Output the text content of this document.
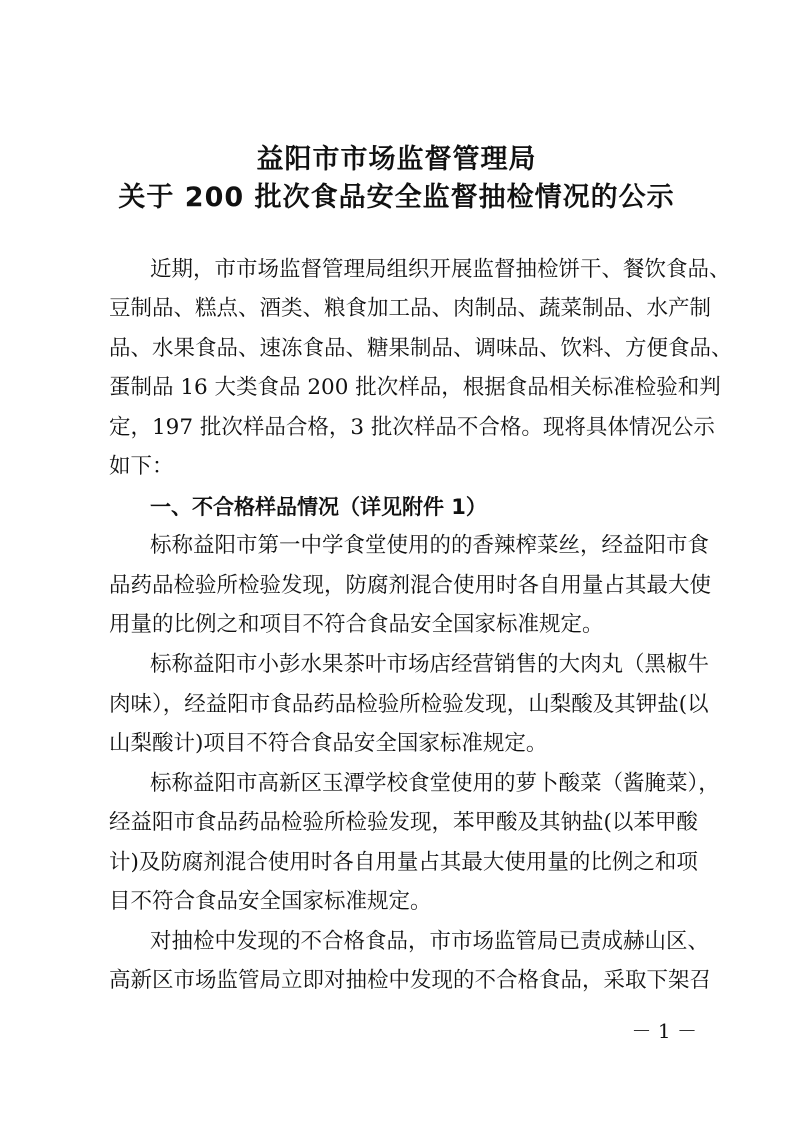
益阳市市场监督管理局
关于 200 批次食品安全监督抽检情况的公示
近期，市市场监督管理局组织开展监督抽检饼干、餐饮食品、
豆制品、糕点、酒类、粮食加工品、肉制品、蔬菜制品、水产制
品、水果食品、速冻食品、糖果制品、调味品、饮料、方便食品、
蛋制品 16 大类食品 200 批次样品，根据食品相关标准检验和判
定，197 批次样品合格，3 批次样品不合格。现将具体情况公示
如下：
一、不合格样品情况（详见附件 1）
标称益阳市第一中学食堂使用的的香辣榨菜丝，经益阳市食
品药品检验所检验发现，防腐剂混合使用时各自用量占其最大使
用量的比例之和项目不符合食品安全国家标准规定。
标称益阳市小彭水果茶叶市场店经营销售的大肉丸（黑椒牛
肉味），经益阳市食品药品检验所检验发现，山梨酸及其钾盐(以
山梨酸计)项目不符合食品安全国家标准规定。
标称益阳市高新区玉潭学校食堂使用的萝卜酸菜（酱腌菜），
经益阳市食品药品检验所检验发现，苯甲酸及其钠盐(以苯甲酸
计)及防腐剂混合使用时各自用量占其最大使用量的比例之和项
目不符合食品安全国家标准规定。
对抽检中发现的不合格食品，市市场监管局已责成赫山区、
高新区市场监管局立即对抽检中发现的不合格食品，采取下架召
－ 1 －
